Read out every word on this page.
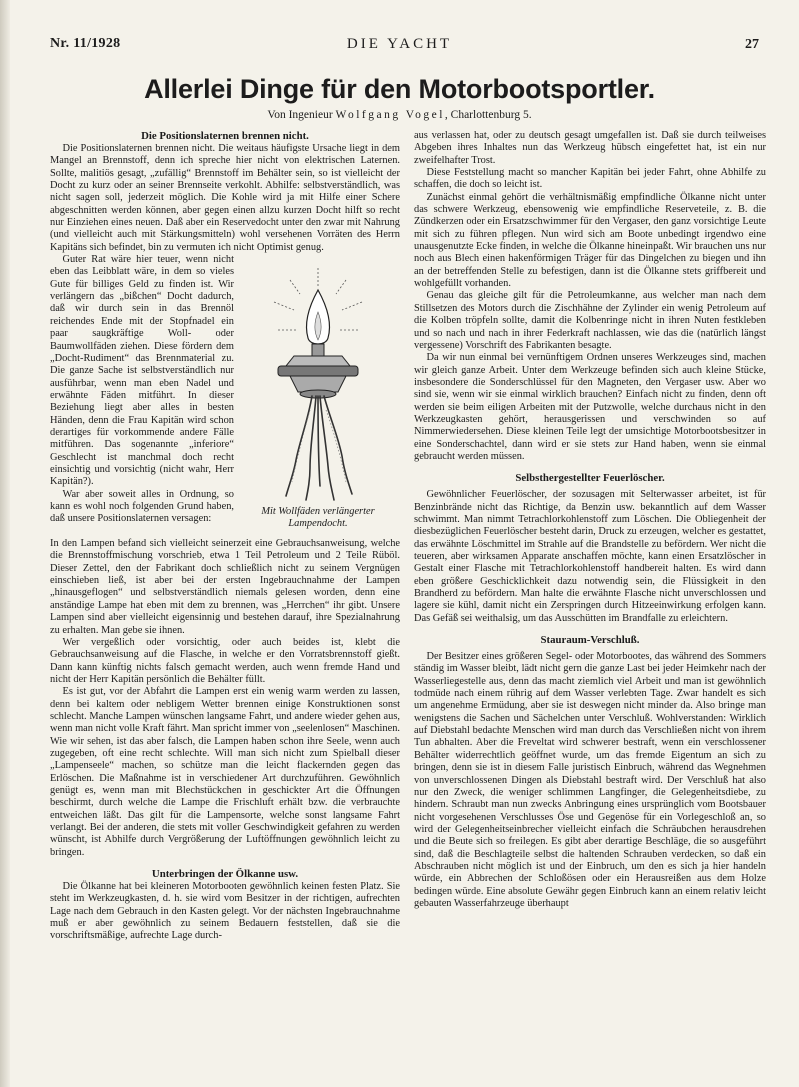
Nr. 11/1928	DIE YACHT	27
Allerlei Dinge für den Motorbootsportler.
Von Ingenieur Wolfgang Vogel, Charlottenburg 5.
Die Positionslaternen brennen nicht.

Die Positionslaternen brennen nicht. Die weitaus häufigste Ursache liegt in dem Mangel an Brennstoff, denn ich spreche hier nicht von elektrischen Laternen. Sollte, malitiös gesagt, „zufällig“ Brennstoff im Behälter sein, so ist vielleicht der Docht zu kurz oder an seiner Brennseite verkohlt. Abhilfe: selbstverständlich, was nicht sagen soll, jederzeit möglich. Die Kohle wird ja mit Hilfe einer Schere abgeschnitten werden können, aber gegen einen allzu kurzen Docht hilft so recht nur Einziehen eines neuen. Daß aber ein Reservedocht unter den zwar mit Nahrung (und vielleicht auch mit Stärkungsmitteln) wohl versehenen Vorräten des Herrn Kapitäns sich befindet, bin zu vermuten ich nicht Optimist genug.

Guter Rat wäre hier teuer, wenn nicht eben das Leibblatt wäre, in dem so vieles Gute für billiges Geld zu finden ist. Wir verlängern das „bißchen“ Docht dadurch, daß wir durch sein in das Brennöl reichendes Ende mit der Stopfnadel ein paar saugkräftige Woll- oder Baumwollfäden ziehen. Diese fördern dem „Docht-Rudiment“ das Brennmaterial zu. Die ganze Sache ist selbstverständlich nur ausführbar, wenn man eben Nadel und erwähnte Fäden mitführt. In dieser Beziehung liegt aber alles in besten Händen, denn die Frau Kapitän wird schon derartiges für vorkommende andere Fälle mitführen. Das sogenannte „inferiore“ Geschlecht ist manchmal doch recht einsichtig und vorsichtig (nicht wahr, Herr Kapitän?).

War aber soweit alles in Ordnung, so kann es wohl noch folgenden Grund haben, daß unsere Positionslaternen versagen:

Mit Wollfäden verlängerter
Lampendocht.

In den Lampen befand sich vielleicht seinerzeit eine Gebrauchsanweisung, welche die Brennstoffmischung vorschrieb, etwa 1 Teil Petroleum und 2 Teile Rüböl. Dieser Zettel, den der Fabrikant doch schließlich nicht zu seinem Vergnügen einschieben ließ, ist aber bei der ersten Ingebrauchnahme der Lampen „hinausgeflogen“ und selbstverständlich niemals gelesen worden, denn eine anständige Lampe hat eben mit dem zu brennen, was „Herrchen“ ihr gibt. Unsere Lampen sind aber vielleicht eigensinnig und bestehen darauf, ihre Spezialnahrung zu erhalten. Man gebe sie ihnen.

Wer vergeßlich oder vorsichtig, oder auch beides ist, klebt die Gebrauchsanweisung auf die Flasche, in welche er den Vorratsbrennstoff gießt. Dann kann künftig nichts falsch gemacht werden, auch wenn fremde Hand und nicht der Herr Kapitän persönlich die Behälter füllt.

Es ist gut, vor der Abfahrt die Lampen erst ein wenig warm werden zu lassen, denn bei kaltem oder nebligem Wetter brennen einige Konstruktionen sonst schlecht. Manche Lampen wünschen langsame Fahrt, und andere wieder gehen aus, wenn man nicht volle Kraft fährt. Man spricht immer von „seelenlosen“ Maschinen. Wie wir sehen, ist das aber falsch, die Lampen haben schon ihre Seele, wenn auch zugegeben, oft eine recht schlechte. Will man sich nicht zum Spielball dieser „Lampenseele“ machen, so schütze man die leicht flackernden gegen das Erlöschen. Die Maßnahme ist in verschiedener Art durchzuführen. Gewöhnlich genügt es, wenn man mit Blechstückchen in geschickter Art die Öffnungen beschirmt, durch welche die Lampe die Frischluft erhält bzw. die verbrauchte entweichen läßt. Das gilt für die Lampensorte, welche sonst langsame Fahrt verlangt. Bei der anderen, die stets mit voller Geschwindigkeit gefahren zu werden wünscht, ist Abhilfe durch Vergrößerung der Luftöffnungen gewöhnlich leicht zu bringen.

Unterbringen der Ölkanne usw.

Die Ölkanne hat bei kleineren Motorbooten gewöhnlich keinen festen Platz. Sie steht im Werkzeugkasten, d. h. sie wird vom Besitzer in der richtigen, aufrechten Lage nach dem Gebrauch in den Kasten gelegt. Vor der nächsten Ingebrauchnahme muß er aber gewöhnlich zu seinem Bedauern feststellen, daß sie die vorschriftsmäßige, aufrechte Lage durch-

aus verlassen hat, oder zu deutsch gesagt umgefallen ist. Daß sie durch teilweises Abgeben ihres Inhaltes nun das Werkzeug hübsch eingefettet hat, ist ein nur zweifelhafter Trost.

Diese Feststellung macht so mancher Kapitän bei jeder Fahrt, ohne Abhilfe zu schaffen, die doch so leicht ist.

Zunächst einmal gehört die verhältnismäßig empfindliche Ölkanne nicht unter das schwere Werkzeug, ebensowenig wie empfindliche Reserveteile, z. B. die Zündkerzen oder ein Ersatzschwimmer für den Vergaser, den ganz vorsichtige Leute mit sich zu führen pflegen. Nun wird sich am Boote unbedingt irgendwo eine unausgenutzte Ecke finden, in welche die Ölkanne hineinpaßt. Wir brauchen uns nur noch aus Blech einen hakenförmigen Träger für das Dingelchen zu biegen und ihn an der betreffenden Stelle zu befestigen, dann ist die Ölkanne stets griffbereit und wohlgefüllt vorhanden.

Genau das gleiche gilt für die Petroleumkanne, aus welcher man nach dem Stillsetzen des Motors durch die Zischhähne der Zylinder ein wenig Petroleum auf die Kolben tröpfeln sollte, damit die Kolbenringe nicht in ihren Nuten festkleben und so nach und nach in ihrer Federkraft nachlassen, wie das die (natürlich längst vergessene) Vorschrift des Fabrikanten besagte.

Da wir nun einmal bei vernünftigem Ordnen unseres Werkzeuges sind, machen wir gleich ganze Arbeit. Unter dem Werkzeuge befinden sich auch kleine Stücke, insbesondere die Sonderschlüssel für den Magneten, den Vergaser usw. Aber wo sind sie, wenn wir sie einmal wirklich brauchen? Einfach nicht zu finden, denn oft werden sie beim eiligen Arbeiten mit der Putzwolle, welche durchaus nicht in den Werkzeugkasten gehört, herausgerissen und verschwinden so auf Nimmerwiedersehen. Diese kleinen Teile legt der umsichtige Motorbootsbesitzer in eine Sonderschachtel, dann wird er sie stets zur Hand haben, wenn sie einmal gebraucht werden müssen.

Selbsthergestellter Feuerlöscher.

Gewöhnlicher Feuerlöscher, der sozusagen mit Selterwasser arbeitet, ist für Benzinbrände nicht das Richtige, da Benzin usw. bekanntlich auf dem Wasser schwimmt. Man nimmt Tetrachlorkohlenstoff zum Löschen. Die Obliegenheit der diesbezüglichen Feuerlöscher besteht darin, Druck zu erzeugen, welcher es gestattet, das erwähnte Löschmittel im Strahle auf die Brandstelle zu befördern. Wer nicht die teueren, aber wirksamen Apparate anschaffen möchte, kann einen Ersatzlöscher in Gestalt einer Flasche mit Tetrachlorkohlenstoff handbereit halten. Es wird dann eben größere Geschicklichkeit dazu notwendig sein, die Flüssigkeit in den Brandherd zu befördern. Man halte die erwähnte Flasche nicht unverschlossen und lagere sie kühl, damit nicht ein Zerspringen durch Hitzeeinwirkung erfolgen kann. Das Gefäß sei weithalsig, um das Ausschütten im Brandfalle zu erleichtern.

Stauraum-Verschluß.

Der Besitzer eines größeren Segel- oder Motorbootes, das während des Sommers ständig im Wasser bleibt, lädt nicht gern die ganze Last bei jeder Heimkehr nach der Wasserliegestelle aus, denn das macht ziemlich viel Arbeit und man ist gewöhnlich todmüde nach einem rührig auf dem Wasser verlebten Tage. Zwar handelt es sich um angenehme Ermüdung, aber sie ist deswegen nicht minder da. Also bringe man wenigstens die Sachen und Sächelchen unter Verschluß. Wohlverstanden: Wirklich auf Diebstahl bedachte Menschen wird man durch das Verschließen nicht von ihrem Tun abhalten. Aber die Freveltat wird schwerer bestraft, wenn ein verschlossener Behälter widerrechtlich geöffnet wurde, um das fremde Eigentum an sich zu bringen, denn sie ist in diesem Falle juristisch Einbruch, während das Wegnehmen von unverschlossenen Dingen als Diebstahl bestraft wird. Der Verschluß hat also nur den Zweck, die weniger schlimmen Langfinger, die Gelegenheitsdiebe, zu hindern. Schraubt man nun zwecks Anbringung eines ursprünglich vom Bootsbauer nicht vorgesehenen Verschlusses Öse und Gegenöse für ein Vorlegeschloß an, so wird der Gelegenheitseinbrecher vielleicht einfach die Schräubchen herausdrehen und die Beute sich so freilegen. Es gibt aber derartige Beschläge, die so ausgeführt sind, daß die Beschlagteile selbst die haltenden Schrauben verdecken, so daß ein Abschrauben nicht möglich ist und der Einbruch, um den es sich ja hier handeln würde, ein Abbrechen der Schloßösen oder ein Herausreißen aus dem Holze bedingen würde. Eine absolute Gewähr gegen Einbruch kann an einem relativ leicht gebauten Wasserfahrzeuge überhaupt
